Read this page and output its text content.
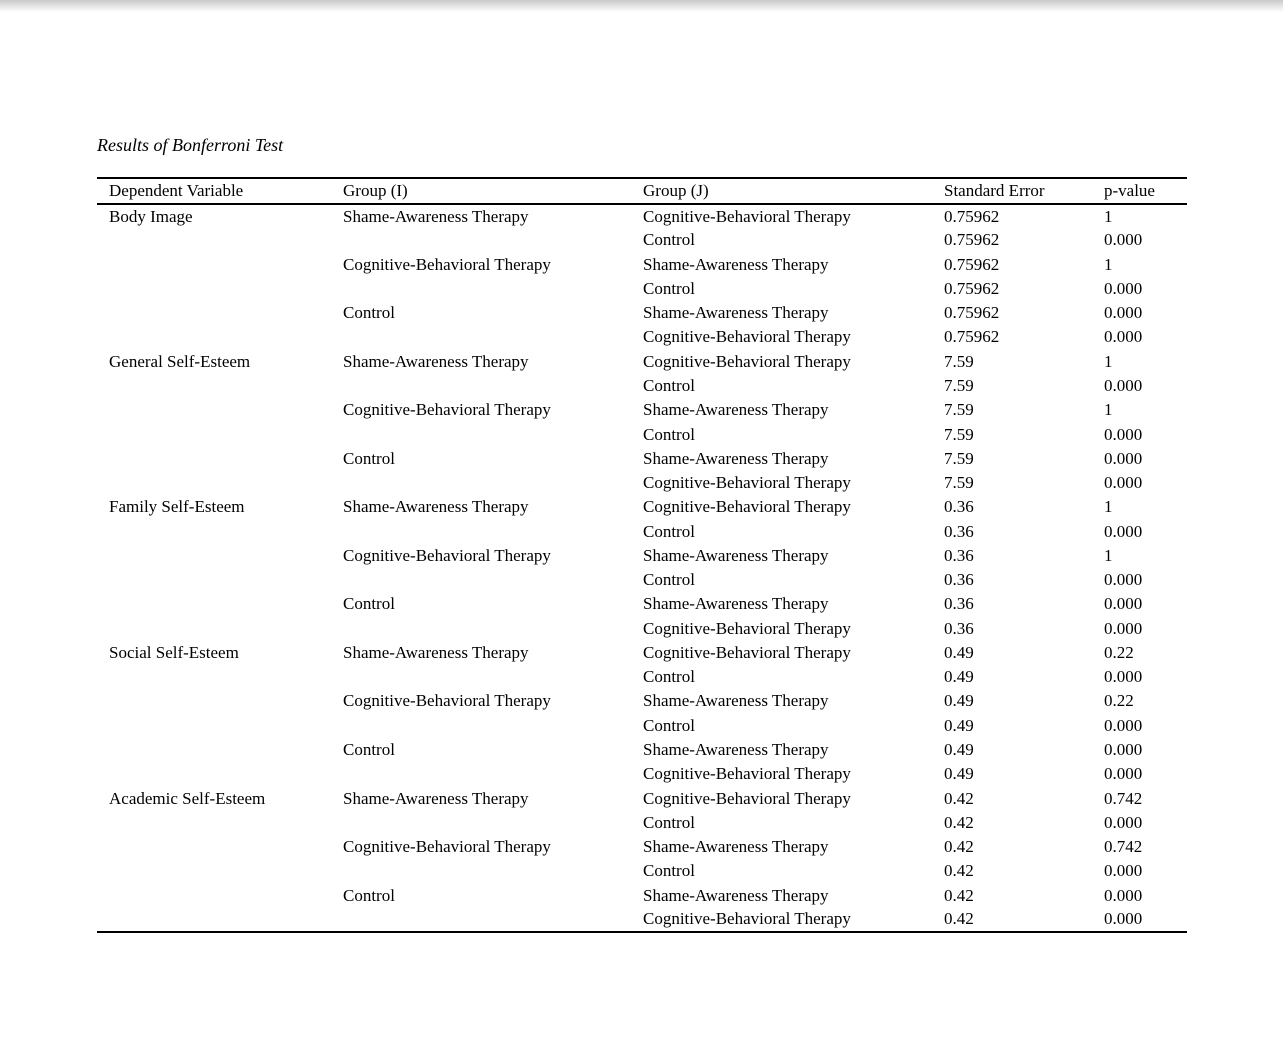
Results of Bonferroni Test
Dependent Variable	Group (I)	Group (J)	Standard Error	p-value
Body Image	Shame-Awareness Therapy	Cognitive-Behavioral Therapy	0.75962	1
		Control	0.75962	0.000
	Cognitive-Behavioral Therapy	Shame-Awareness Therapy	0.75962	1
		Control	0.75962	0.000
	Control	Shame-Awareness Therapy	0.75962	0.000
		Cognitive-Behavioral Therapy	0.75962	0.000
General Self-Esteem	Shame-Awareness Therapy	Cognitive-Behavioral Therapy	7.59	1
		Control	7.59	0.000
	Cognitive-Behavioral Therapy	Shame-Awareness Therapy	7.59	1
		Control	7.59	0.000
	Control	Shame-Awareness Therapy	7.59	0.000
		Cognitive-Behavioral Therapy	7.59	0.000
Family Self-Esteem	Shame-Awareness Therapy	Cognitive-Behavioral Therapy	0.36	1
		Control	0.36	0.000
	Cognitive-Behavioral Therapy	Shame-Awareness Therapy	0.36	1
		Control	0.36	0.000
	Control	Shame-Awareness Therapy	0.36	0.000
		Cognitive-Behavioral Therapy	0.36	0.000
Social Self-Esteem	Shame-Awareness Therapy	Cognitive-Behavioral Therapy	0.49	0.22
		Control	0.49	0.000
	Cognitive-Behavioral Therapy	Shame-Awareness Therapy	0.49	0.22
		Control	0.49	0.000
	Control	Shame-Awareness Therapy	0.49	0.000
		Cognitive-Behavioral Therapy	0.49	0.000
Academic Self-Esteem	Shame-Awareness Therapy	Cognitive-Behavioral Therapy	0.42	0.742
		Control	0.42	0.000
	Cognitive-Behavioral Therapy	Shame-Awareness Therapy	0.42	0.742
		Control	0.42	0.000
	Control	Shame-Awareness Therapy	0.42	0.000
		Cognitive-Behavioral Therapy	0.42	0.000
